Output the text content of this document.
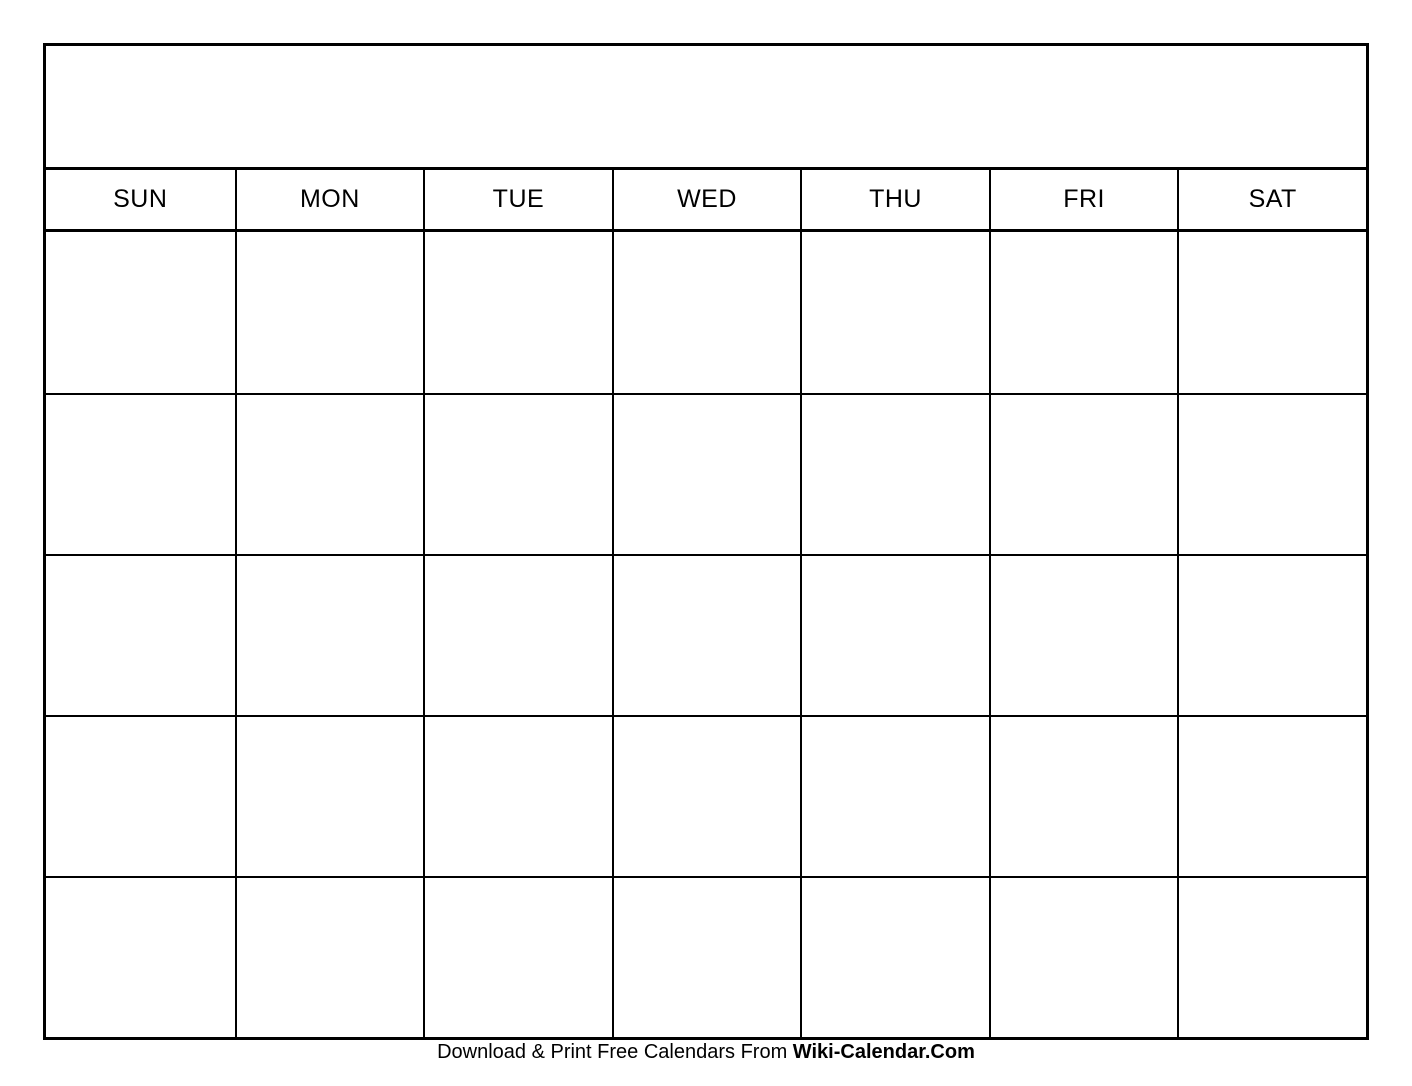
SUN	MON	TUE	WED	THU	FRI	SAT
Download & Print Free Calendars From Wiki-Calendar.Com
